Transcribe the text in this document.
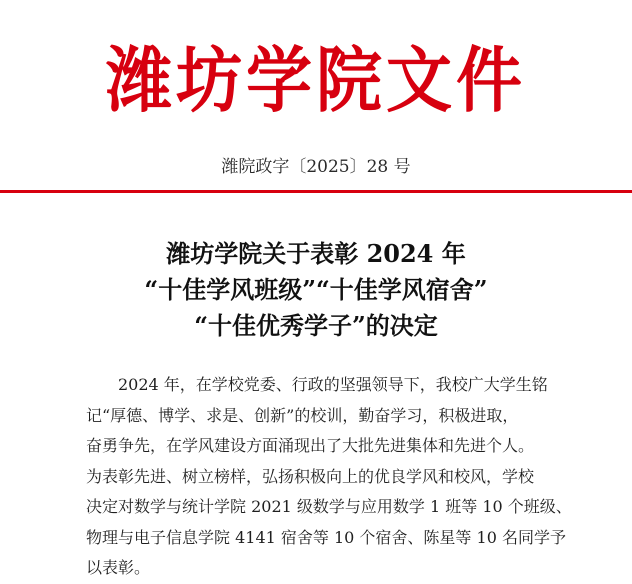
潍坊学院文件
潍院政字〔2025〕28 号
潍坊学院关于表彰 2024 年
“十佳学风班级”“十佳学风宿舍”
“十佳优秀学子”的决定
2024 年，在学校党委、行政的坚强领导下，我校广大学生铭
记“厚德、博学、求是、创新”的校训，勤奋学习，积极进取，
奋勇争先，在学风建设方面涌现出了大批先进集体和先进个人。
为表彰先进、树立榜样，弘扬积极向上的优良学风和校风，学校
决定对数学与统计学院 2021 级数学与应用数学 1 班等 10 个班级、
物理与电子信息学院 4141 宿舍等 10 个宿舍、陈星等 10 名同学予
以表彰。
